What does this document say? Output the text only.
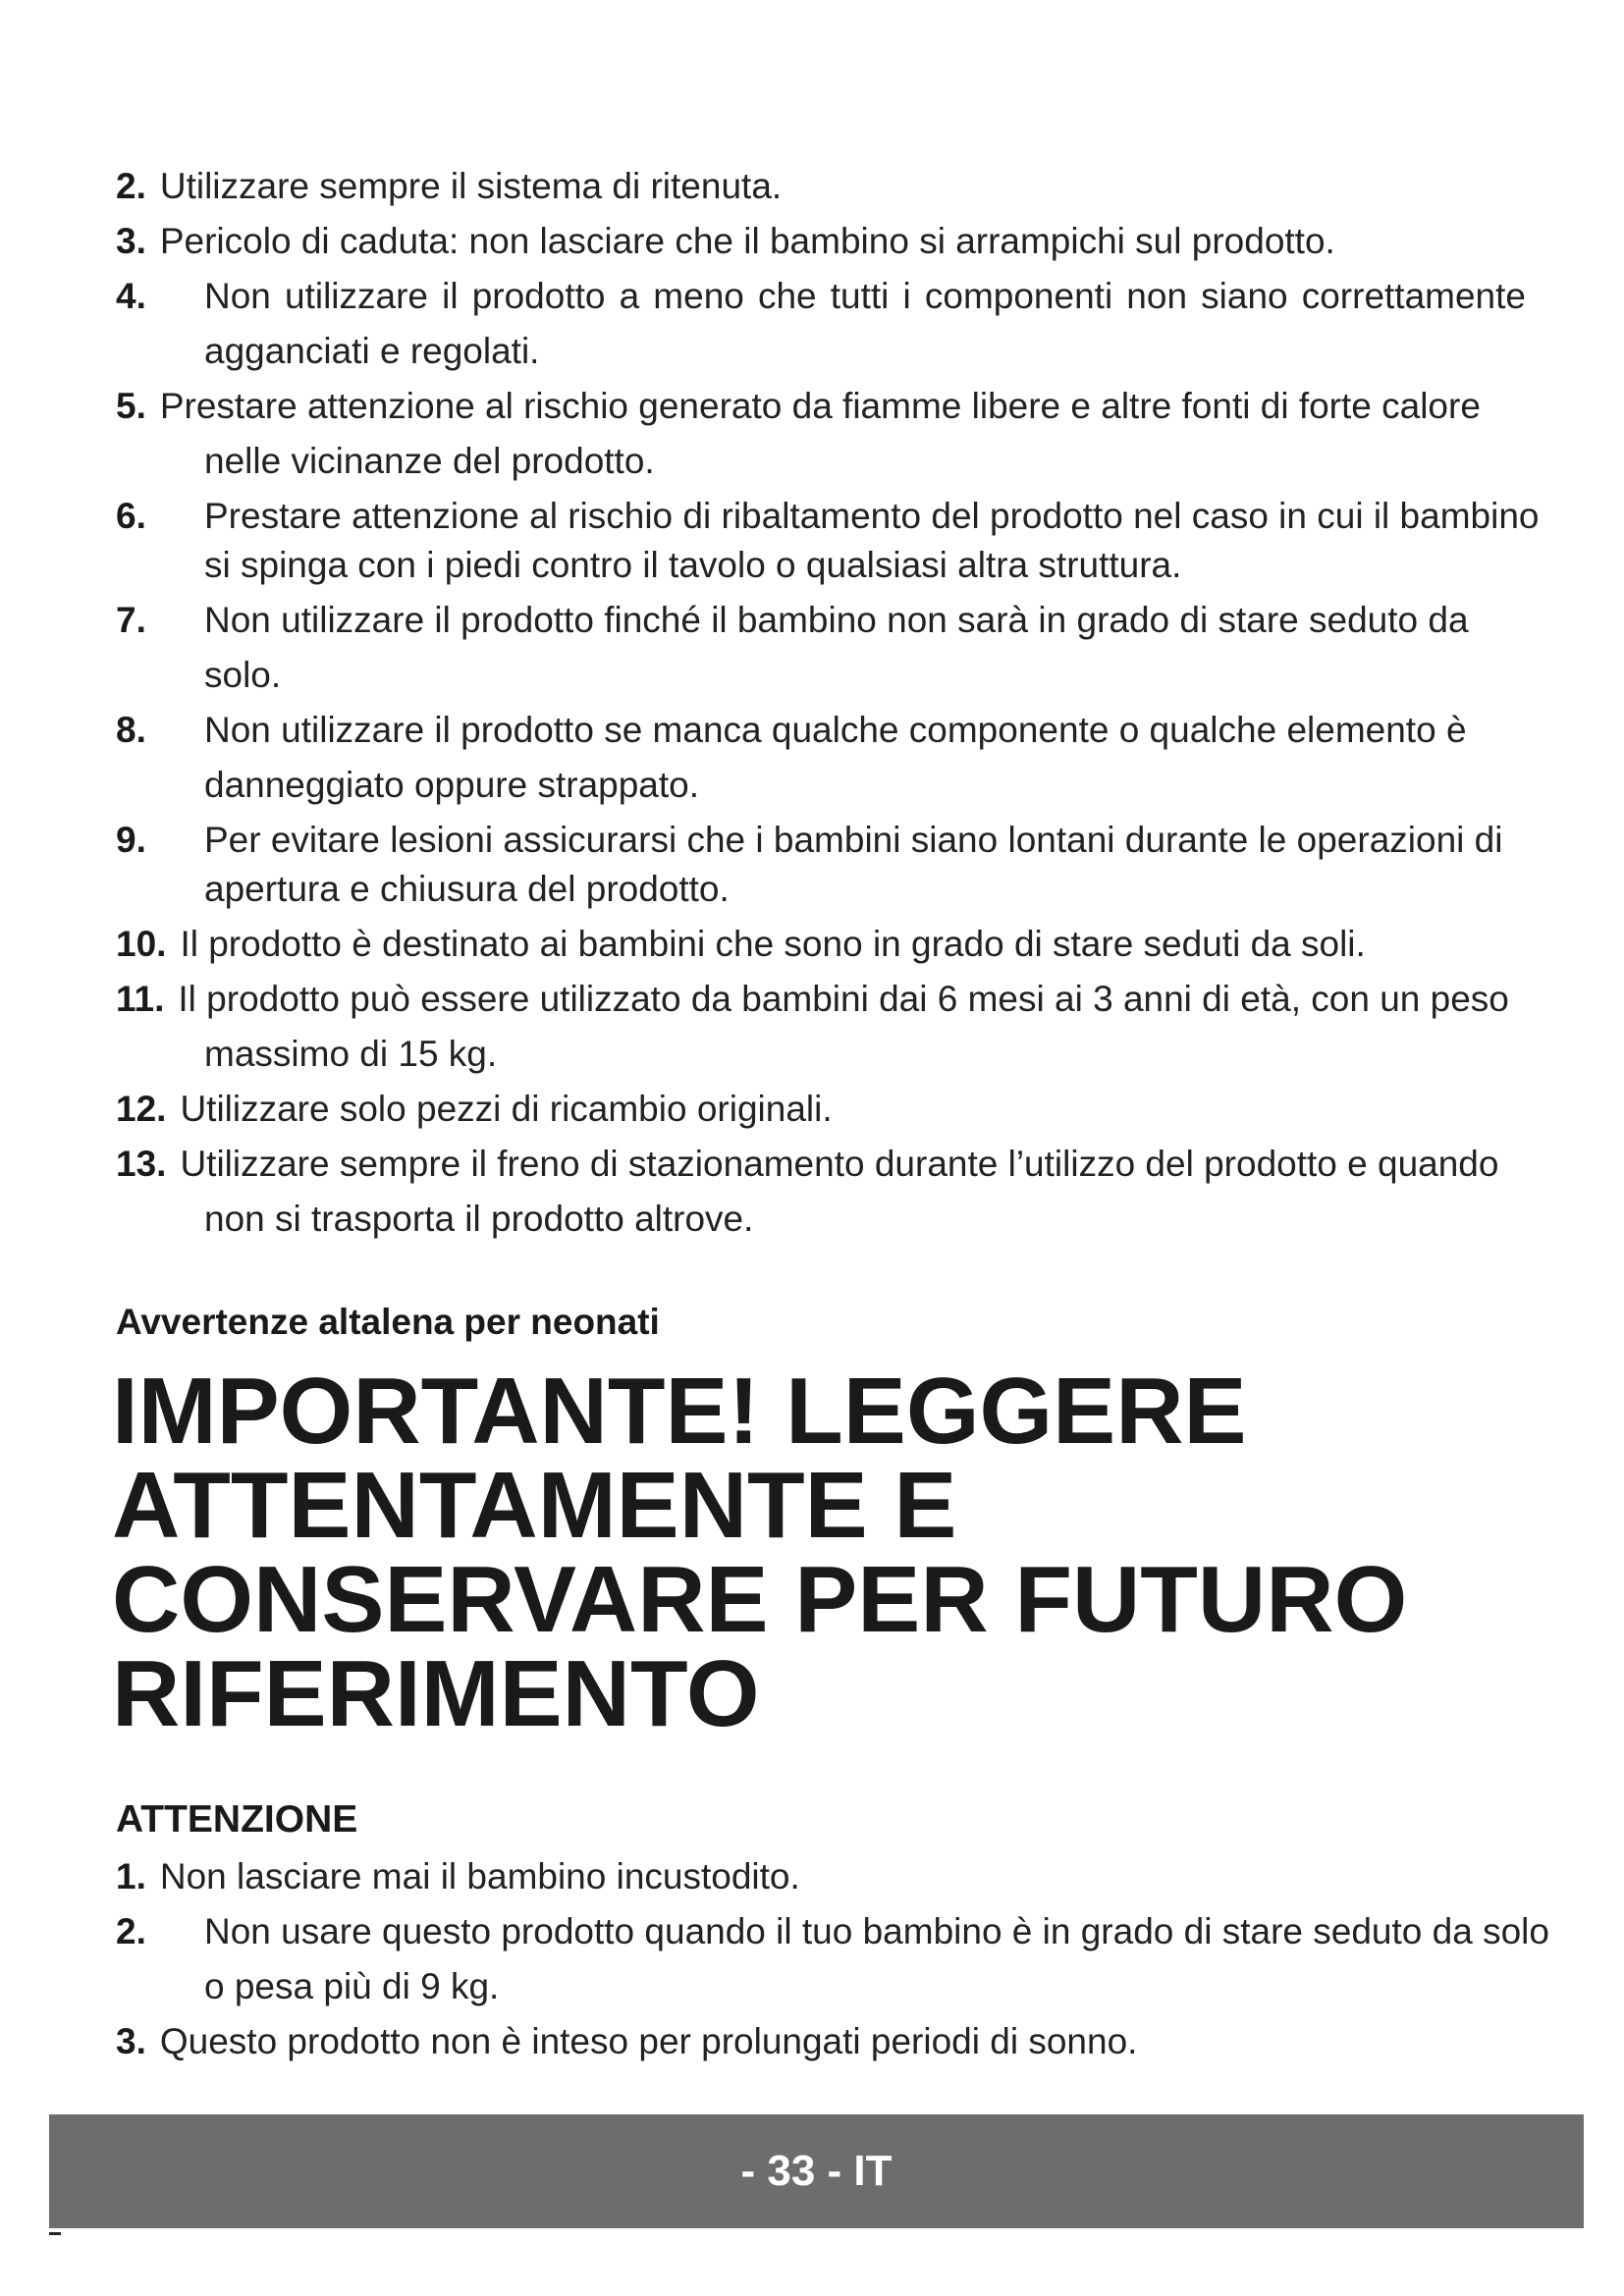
2. Utilizzare sempre il sistema di ritenuta.
3. Pericolo di caduta: non lasciare che il bambino si arrampichi sul prodotto.
4. Non utilizzare il prodotto a meno che tutti i componenti non siano correttamente agganciati e regolati.
5. Prestare attenzione al rischio generato da fiamme libere e altre fonti di forte calore nelle vicinanze del prodotto.
6. Prestare attenzione al rischio di ribaltamento del prodotto nel caso in cui il bambino si spinga con i piedi contro il tavolo o qualsiasi altra struttura.
7. Non utilizzare il prodotto finché il bambino non sarà in grado di stare seduto da solo.
8. Non utilizzare il prodotto se manca qualche componente o qualche elemento è danneggiato oppure strappato.
9. Per evitare lesioni assicurarsi che i bambini siano lontani durante le operazioni di apertura e chiusura del prodotto.
10. Il prodotto è destinato ai bambini che sono in grado di stare seduti da soli.
11. Il prodotto può essere utilizzato da bambini dai 6 mesi ai 3 anni di età, con un peso massimo di 15 kg.
12. Utilizzare solo pezzi di ricambio originali.
13. Utilizzare sempre il freno di stazionamento durante l’utilizzo del prodotto e quando non si trasporta il prodotto altrove.
Avvertenze altalena per neonati
IMPORTANTE! LEGGERE ATTENTAMENTE E CONSERVARE PER FUTURO RIFERIMENTO
ATTENZIONE
1. Non lasciare mai il bambino incustodito.
2. Non usare questo prodotto quando il tuo bambino è in grado di stare seduto da solo o pesa più di 9 kg.
3. Questo prodotto non è inteso per prolungati periodi di sonno.
- 33 - IT
